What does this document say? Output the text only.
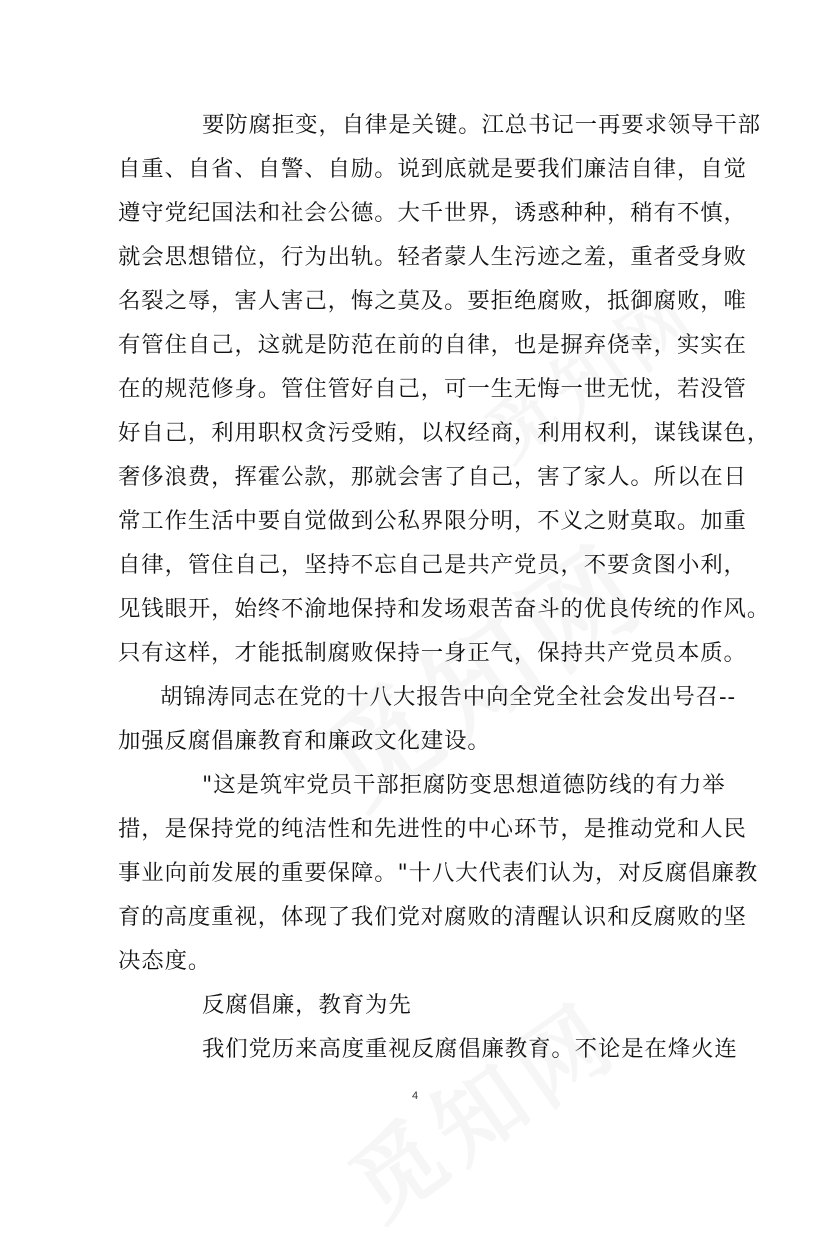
要防腐拒变，自律是关键。江总书记一再要求领导干部
自重、自省、自警、自励。说到底就是要我们廉洁自律，自觉
遵守党纪国法和社会公德。大千世界，诱惑种种，稍有不慎，
就会思想错位，行为出轨。轻者蒙人生污迹之羞，重者受身败
名裂之辱，害人害己，悔之莫及。要拒绝腐败，抵御腐败，唯
有管住自己，这就是防范在前的自律，也是摒弃侥幸，实实在
在的规范修身。管住管好自己，可一生无悔一世无忧，若没管
好自己，利用职权贪污受贿，以权经商，利用权利，谋钱谋色，
奢侈浪费，挥霍公款，那就会害了自己，害了家人。所以在日
常工作生活中要自觉做到公私界限分明，不义之财莫取。加重
自律，管住自己，坚持不忘自己是共产党员，不要贪图小利，
见钱眼开，始终不渝地保持和发场艰苦奋斗的优良传统的作风。
只有这样，才能抵制腐败保持一身正气，保持共产党员本质。
胡锦涛同志在党的十八大报告中向全党全社会发出号召--
加强反腐倡廉教育和廉政文化建设。
"这是筑牢党员干部拒腐防变思想道德防线的有力举
措，是保持党的纯洁性和先进性的中心环节，是推动党和人民
事业向前发展的重要保障。"十八大代表们认为，对反腐倡廉教
育的高度重视，体现了我们党对腐败的清醒认识和反腐败的坚
决态度。
反腐倡廉，教育为先
我们党历来高度重视反腐倡廉教育。不论是在烽火连
4
